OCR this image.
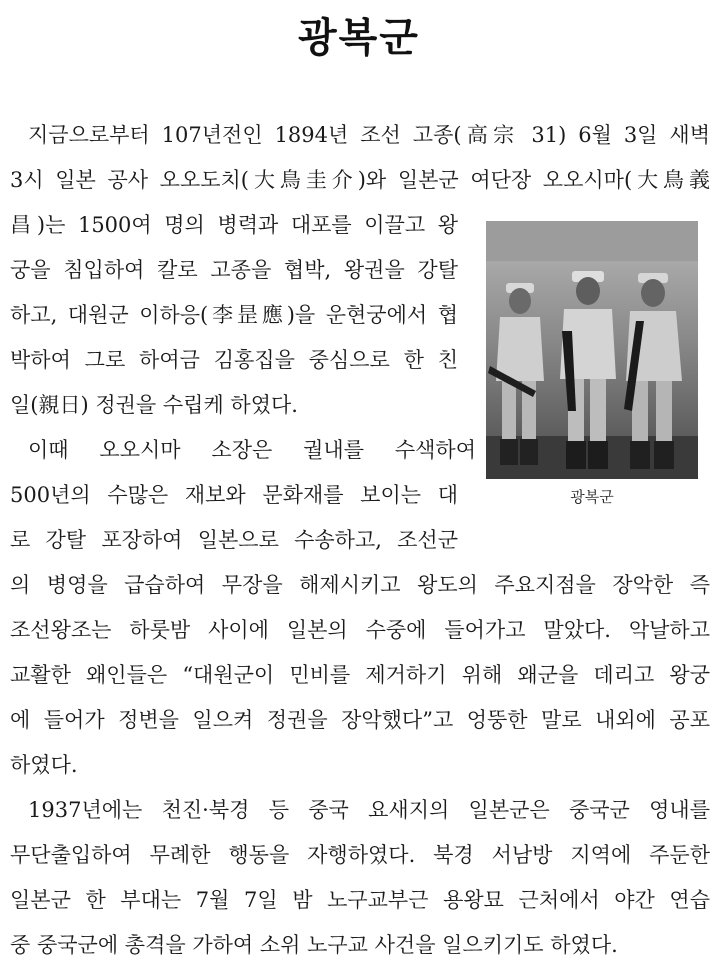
광복군
지금으로부터 107년전인 1894년 조선 고종(高宗 31) 6월 3일 새벽
3시 일본 공사 오오도치(大鳥圭介)와 일본군 여단장 오오시마(大鳥義
昌)는 1500여 명의 병력과 대포를 이끌고 왕
궁을 침입하여 칼로 고종을 협박, 왕권을 강탈
하고, 대원군 이하응(李昰應)을 운현궁에서 협
박하여 그로 하여금 김홍집을 중심으로 한 친
일(親日) 정권을 수립케 하였다.
이때 오오시마 소장은 궐내를 수색하여
500년의 수많은 재보와 문화재를 보이는 대
로 강탈 포장하여 일본으로 수송하고, 조선군
의 병영을 급습하여 무장을 해제시키고 왕도의 주요지점을 장악한 즉
조선왕조는 하룻밤 사이에 일본의 수중에 들어가고 말았다. 악날하고
교활한 왜인들은 “대원군이 민비를 제거하기 위해 왜군을 데리고 왕궁
에 들어가 정변을 일으켜 정권을 장악했다”고 엉뚱한 말로 내외에 공포
하였다.
1937년에는 천진·북경 등 중국 요새지의 일본군은 중국군 영내를
무단출입하여 무례한 행동을 자행하였다. 북경 서남방 지역에 주둔한
일본군 한 부대는 7월 7일 밤 노구교부근 용왕묘 근처에서 야간 연습
중 중국군에 총격을 가하여 소위 노구교 사건을 일으키기도 하였다.
광복군
